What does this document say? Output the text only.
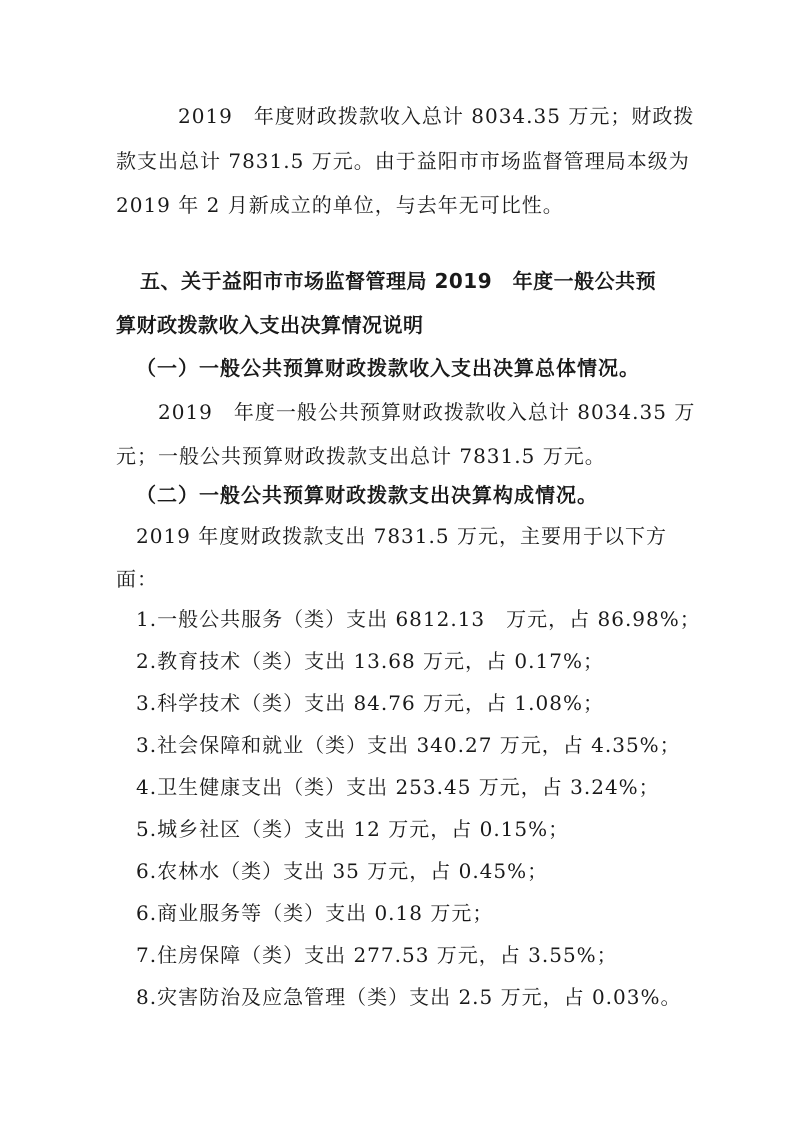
2019　年度财政拨款收入总计 8034.35 万元；财政拨
款支出总计 7831.5 万元。由于益阳市市场监督管理局本级为
2019 年 2 月新成立的单位，与去年无可比性。
五、关于益阳市市场监督管理局 2019　年度一般公共预
算财政拨款收入支出决算情况说明
（一）一般公共预算财政拨款收入支出决算总体情况。
2019　年度一般公共预算财政拨款收入总计 8034.35 万
元；一般公共预算财政拨款支出总计 7831.5 万元。
（二）一般公共预算财政拨款支出决算构成情况。
2019 年度财政拨款支出 7831.5 万元，主要用于以下方
面：
1.一般公共服务（类）支出 6812.13　万元，占 86.98%；
2.教育技术（类）支出 13.68 万元，占 0.17%；
3.科学技术（类）支出 84.76 万元，占 1.08%；
3.社会保障和就业（类）支出 340.27 万元，占 4.35%；
4.卫生健康支出（类）支出 253.45 万元，占 3.24%；
5.城乡社区（类）支出 12 万元，占 0.15%；
6.农林水（类）支出 35 万元，占 0.45%；
6.商业服务等（类）支出 0.18 万元；
7.住房保障（类）支出 277.53 万元，占 3.55%；
8.灾害防治及应急管理（类）支出 2.5 万元，占 0.03%。
